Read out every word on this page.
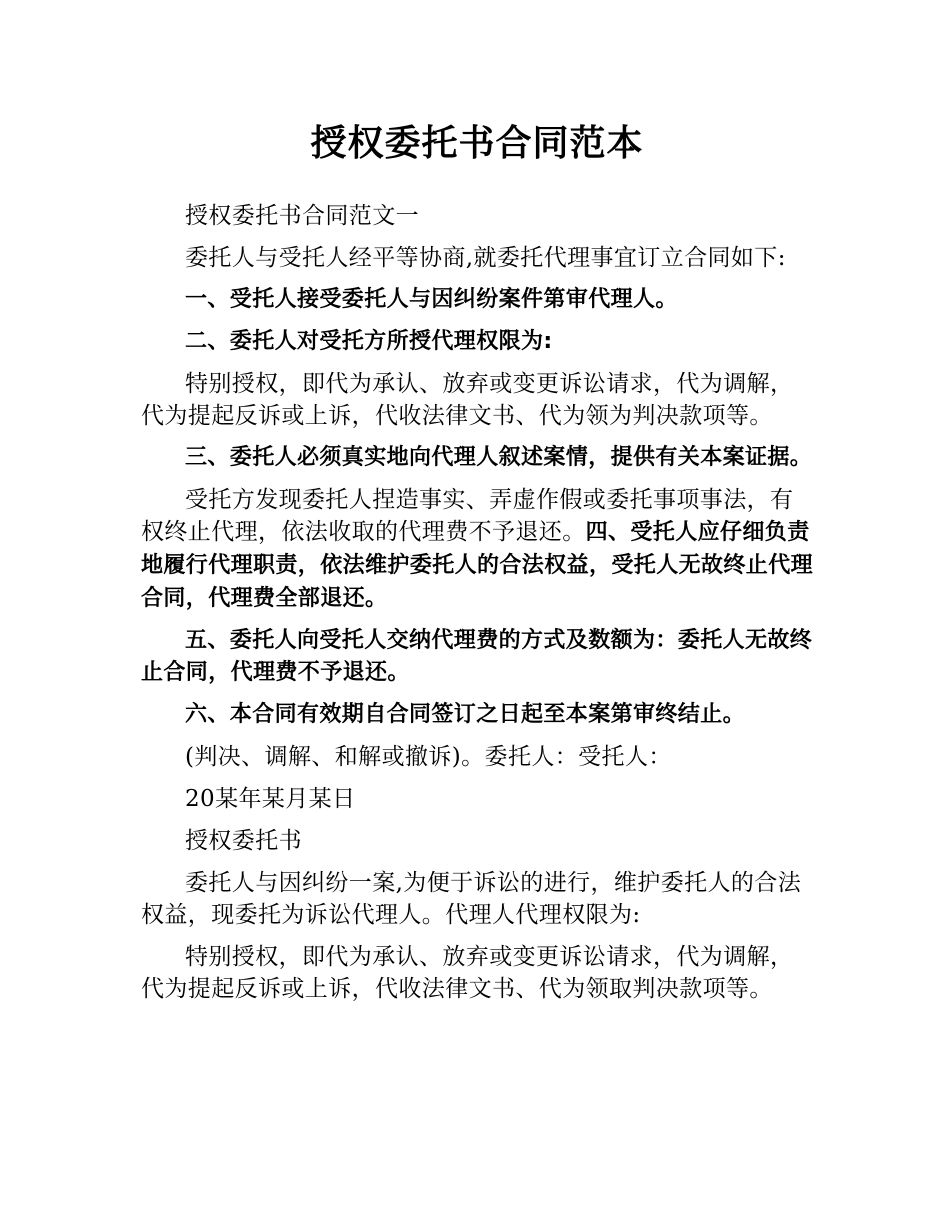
授权委托书合同范本

授权委托书合同范文一

委托人与受托人经平等协商,就委托代理事宜订立合同如下:

一、受托人接受委托人与因纠纷案件第审代理人。

二、委托人对受托方所授代理权限为:

特别授权，即代为承认、放弃或变更诉讼请求，代为调解，代为提起反诉或上诉，代收法律文书、代为领为判决款项等。

三、委托人必须真实地向代理人叙述案情，提供有关本案证据。

受托方发现委托人捏造事实、弄虚作假或委托事项事法，有权终止代理，依法收取的代理费不予退还。四、受托人应仔细负责地履行代理职责，依法维护委托人的合法权益，受托人无故终止代理合同，代理费全部退还。

五、委托人向受托人交纳代理费的方式及数额为：委托人无故终止合同，代理费不予退还。

六、本合同有效期自合同签订之日起至本案第审终结止。

(判决、调解、和解或撤诉)。委托人：受托人：

20某年某月某日

授权委托书

委托人与因纠纷一案,为便于诉讼的进行，维护委托人的合法权益，现委托为诉讼代理人。代理人代理权限为:

特别授权，即代为承认、放弃或变更诉讼请求，代为调解，代为提起反诉或上诉，代收法律文书、代为领取判决款项等。
